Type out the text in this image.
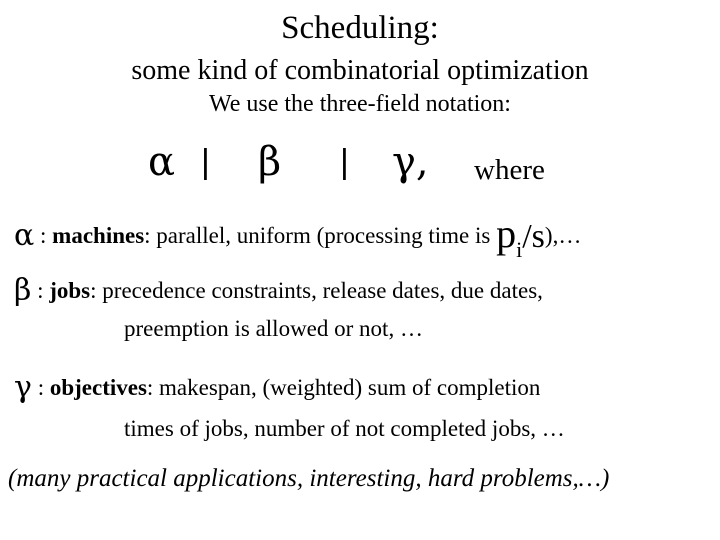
Scheduling:
some kind of combinatorial optimization
We use the three-field notation:
α | β | γ, where
α : machines: parallel, uniform (processing time is pi/s),…
β : jobs: precedence constraints, release dates, due dates,
preemption is allowed or not, …
γ : objectives: makespan, (weighted) sum of completion
times of jobs, number of not completed jobs, …
(many practical applications, interesting, hard problems,…)
